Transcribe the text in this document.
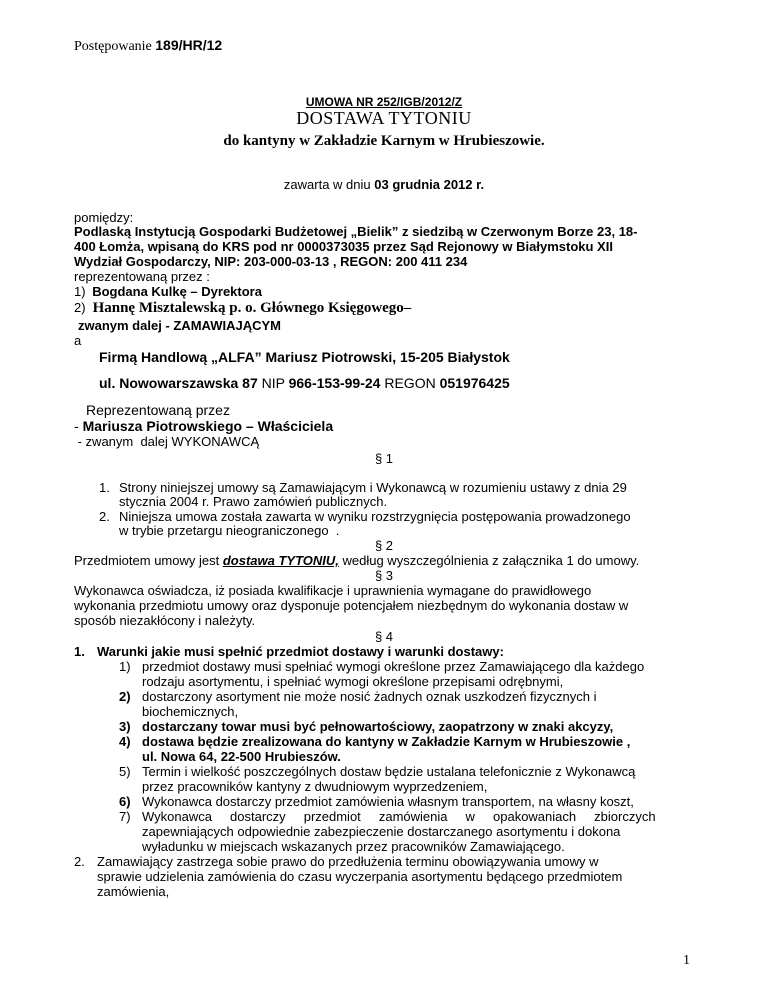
Postępowanie 189/HR/12
UMOWA NR 252/IGB/2012/Z
DOSTAWA TYTONIU
do kantyny w Zakładzie Karnym w Hrubieszowie.
zawarta w dniu 03 grudnia 2012 r.
pomiędzy:
Podlaską Instytucją Gospodarki Budżetowej „Bielik” z siedzibą w Czerwonym Borze 23, 18-
400 Łomża, wpisaną do KRS pod nr 0000373035 przez Sąd Rejonowy w Białymstoku XII
Wydział Gospodarczy, NIP: 203-000-03-13 , REGON: 200 411 234
reprezentowaną przez :
1) Bogdana Kulkę – Dyrektora
2) Hannę Misztalewską p. o. Głównego Księgowego–
zwanym dalej - ZAMAWIAJĄCYM
a
Firmą Handlową „ALFA” Mariusz Piotrowski, 15-205 Białystok
ul. Nowowarszawska 87 NIP 966-153-99-24 REGON 051976425
Reprezentowaną przez
- Mariusza Piotrowskiego – Właściciela
- zwanym  dalej WYKONAWCĄ
§ 1
1. Strony niniejszej umowy są Zamawiającym i Wykonawcą w rozumieniu ustawy z dnia 29
stycznia 2004 r. Prawo zamówień publicznych.
2. Niniejsza umowa została zawarta w wyniku rozstrzygnięcia postępowania prowadzonego
w trybie przetargu nieograniczonego  .
§ 2
Przedmiotem umowy jest dostawa TYTONIU, według wyszczególnienia z załącznika 1 do umowy.
§ 3
Wykonawca oświadcza, iż posiada kwalifikacje i uprawnienia wymagane do prawidłowego
wykonania przedmiotu umowy oraz dysponuje potencjałem niezbędnym do wykonania dostaw w
sposób niezakłócony i należyty.
§ 4
1. Warunki jakie musi spełnić przedmiot dostawy i warunki dostawy:
1) przedmiot dostawy musi spełniać wymogi określone przez Zamawiającego dla każdego
rodzaju asortymentu, i spełniać wymogi określone przepisami odrębnymi,
2) dostarczony asortyment nie może nosić żadnych oznak uszkodzeń fizycznych i
biochemicznych,
3) dostarczany towar musi być pełnowartościowy, zaopatrzony w znaki akcyzy,
4) dostawa będzie zrealizowana do kantyny w Zakładzie Karnym w Hrubieszowie ,
ul. Nowa 64, 22-500 Hrubieszów.
5) Termin i wielkość poszczególnych dostaw będzie ustalana telefonicznie z Wykonawcą
przez pracowników kantyny z dwudniowym wyprzedzeniem,
6) Wykonawca dostarczy przedmiot zamówienia własnym transportem, na własny koszt,
7) Wykonawca     dostarczy     przedmiot     zamówienia     w     opakowaniach     zbiorczych
zapewniających odpowiednie zabezpieczenie dostarczanego asortymentu i dokona
wyładunku w miejscach wskazanych przez pracowników Zamawiającego.
2. Zamawiający zastrzega sobie prawo do przedłużenia terminu obowiązywania umowy w
sprawie udzielenia zamówienia do czasu wyczerpania asortymentu będącego przedmiotem
zamówienia,
1
